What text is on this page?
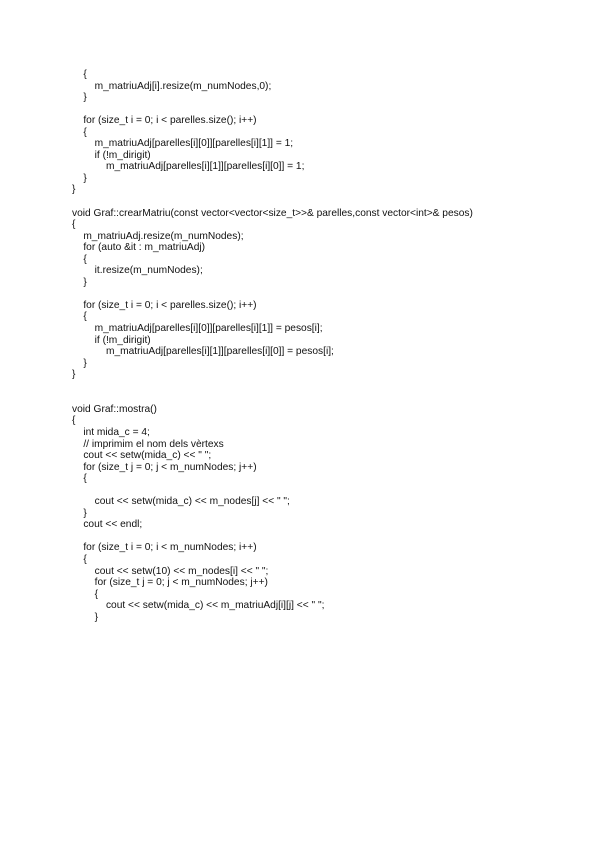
{
m_matriuAdj[i].resize(m_numNodes,0);
}
for (size_t i = 0; i < parelles.size(); i++)
{
m_matriuAdj[parelles[i][0]][parelles[i][1]] = 1;
if (!m_dirigit)
m_matriuAdj[parelles[i][1]][parelles[i][0]] = 1;
}
}
void Graf::crearMatriu(const vector<vector<size_t>>& parelles,const vector<int>& pesos)
{
m_matriuAdj.resize(m_numNodes);
for (auto &it : m_matriuAdj)
{
it.resize(m_numNodes);
}
for (size_t i = 0; i < parelles.size(); i++)
{
m_matriuAdj[parelles[i][0]][parelles[i][1]] = pesos[i];
if (!m_dirigit)
m_matriuAdj[parelles[i][1]][parelles[i][0]] = pesos[i];
}
}
void Graf::mostra()
{
int mida_c = 4;
// imprimim el nom dels vèrtexs
cout << setw(mida_c) << " ";
for (size_t j = 0; j < m_numNodes; j++)
{
cout << setw(mida_c) << m_nodes[j] << " ";
}
cout << endl;
for (size_t i = 0; i < m_numNodes; i++)
{
cout << setw(10) << m_nodes[i] << " ";
for (size_t j = 0; j < m_numNodes; j++)
{
cout << setw(mida_c) << m_matriuAdj[i][j] << " ";
}
